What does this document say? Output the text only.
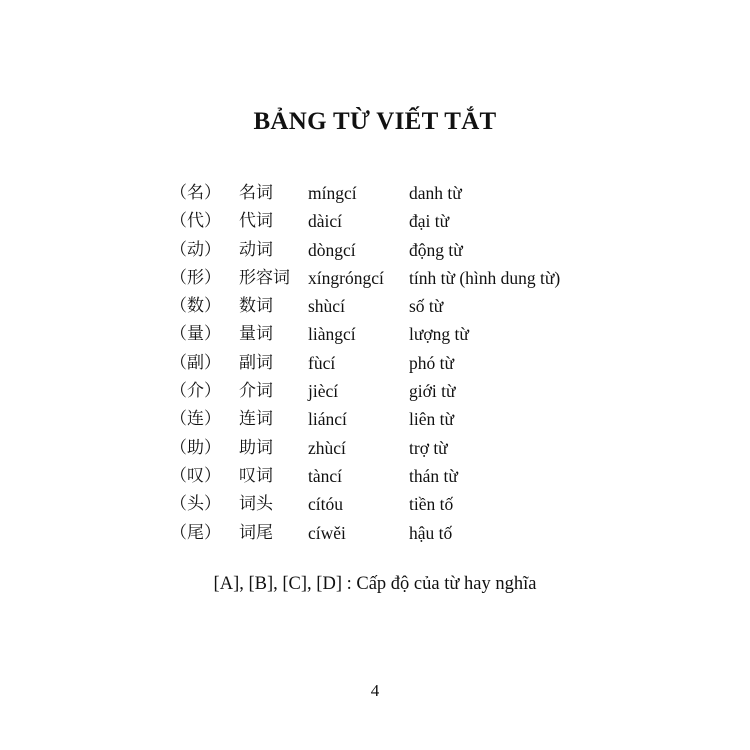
BẢNG TỪ VIẾT TẮT
（名） 名词 míngcí	danh từ
（代） 代词 dàicí	đại từ
（动） 动词 dòngcí	động từ
（形） 形容词 xíngróngcí tính từ (hình dung từ)
（数） 数词 shùcí	số từ
（量） 量词 liàngcí	lượng từ
（副） 副词 fùcí	phó từ
（介） 介词 jiècí	giới từ
（连） 连词 liáncí	liên từ
（助） 助词 zhùcí	trợ từ
（叹） 叹词 tàncí	thán từ
（头） 词头 cítóu	tiền tố
（尾） 词尾 cíwěi	hậu tố
[A], [B], [C], [D] : Cấp độ của từ hay nghĩa
4
